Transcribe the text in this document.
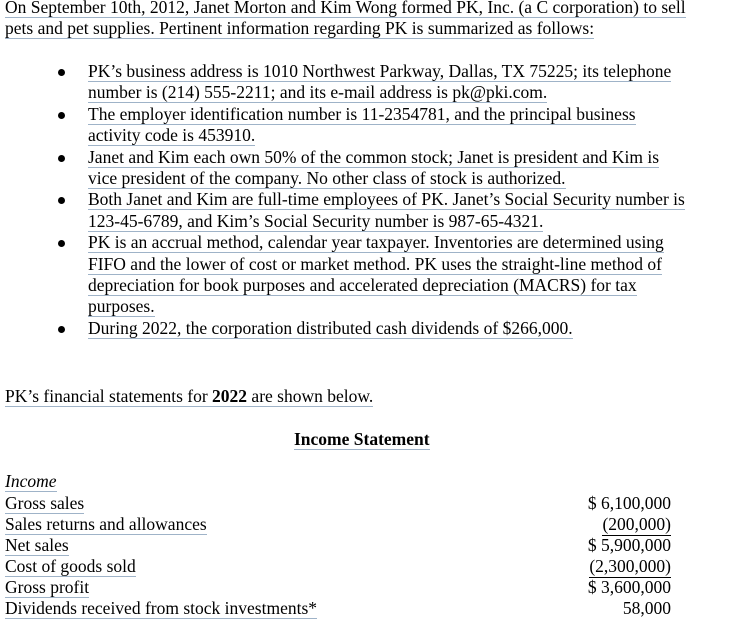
On September 10th, 2012, Janet Morton and Kim Wong formed PK, Inc. (a C corporation) to sell
pets and pet supplies. Pertinent information regarding PK is summarized as follows:
PK’s business address is 1010 Northwest Parkway, Dallas, TX 75225; its telephone
number is (214) 555-2211; and its e-mail address is pk@pki.com.
The employer identification number is 11-2354781, and the principal business
activity code is 453910.
Janet and Kim each own 50% of the common stock; Janet is president and Kim is
vice president of the company. No other class of stock is authorized.
Both Janet and Kim are full-time employees of PK. Janet’s Social Security number is
123-45-6789, and Kim’s Social Security number is 987-65-4321.
PK is an accrual method, calendar year taxpayer. Inventories are determined using
FIFO and the lower of cost or market method. PK uses the straight-line method of
depreciation for book purposes and accelerated depreciation (MACRS) for tax
purposes.
During 2022, the corporation distributed cash dividends of $266,000.
PK’s financial statements for 2022 are shown below.
Income Statement
Income
Gross sales	$ 6,100,000
Sales returns and allowances	(200,000)
Net sales	$ 5,900,000
Cost of goods sold	(2,300,000)
Gross profit	$ 3,600,000
Dividends received from stock investments*	58,000
